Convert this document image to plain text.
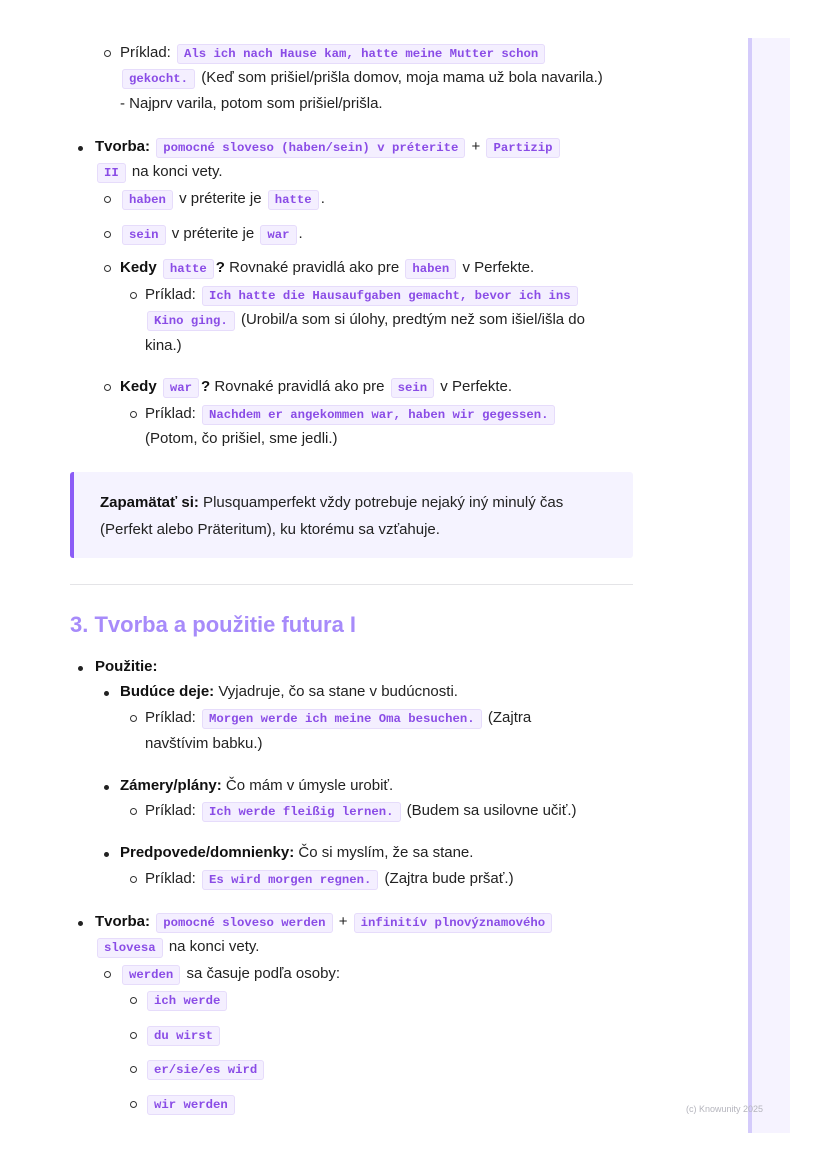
Príklad: Als ich nach Hause kam, hatte meine Mutter schon
gekocht. (Keď som prišiel/prišla domov, moja mama už bola navarila.)
- Najprv varila, potom som prišiel/prišla.
Tvorba: pomocné sloveso (haben/sein) v préterite + Partizip
II na konci vety.
haben v préterite je hatte .
sein v préterite je war .
Kedy hatte ? Rovnaké pravidlá ako pre haben v Perfekte.
Príklad: Ich hatte die Hausaufgaben gemacht, bevor ich ins
Kino ging. (Urobil/a som si úlohy, predtým než som išiel/išla do
kina.)
Kedy war ? Rovnaké pravidlá ako pre sein v Perfekte.
Príklad: Nachdem er angekommen war, haben wir gegessen.
(Potom, čo prišiel, sme jedli.)
Použitie:
Budúce deje: Vyjadruje, čo sa stane v budúcnosti.
Príklad: Morgen werde ich meine Oma besuchen. (Zajtra
navštívim babku.)
Zámery/plány: Čo mám v úmysle urobiť.
Príklad: Ich werde fleißig lernen. (Budem sa usilovne učiť.)
Predpovede/domnienky: Čo si myslím, že sa stane.
Príklad: Es wird morgen regnen. (Zajtra bude pršať.)
Tvorba: pomocné sloveso werden + infinitív plnovýznamového
slovesa na konci vety.
werden sa časuje podľa osoby:
ich werde
du wirst
er/sie/es wird
wir werden

Zapamätať si: Plusquamperfekt vždy potrebuje nejaký iný minulý čas

(Perfekt alebo Präteritum), ku ktorému sa vzťahuje.

3. Tvorba a použitie futura I
(c) Knowunity 2025
